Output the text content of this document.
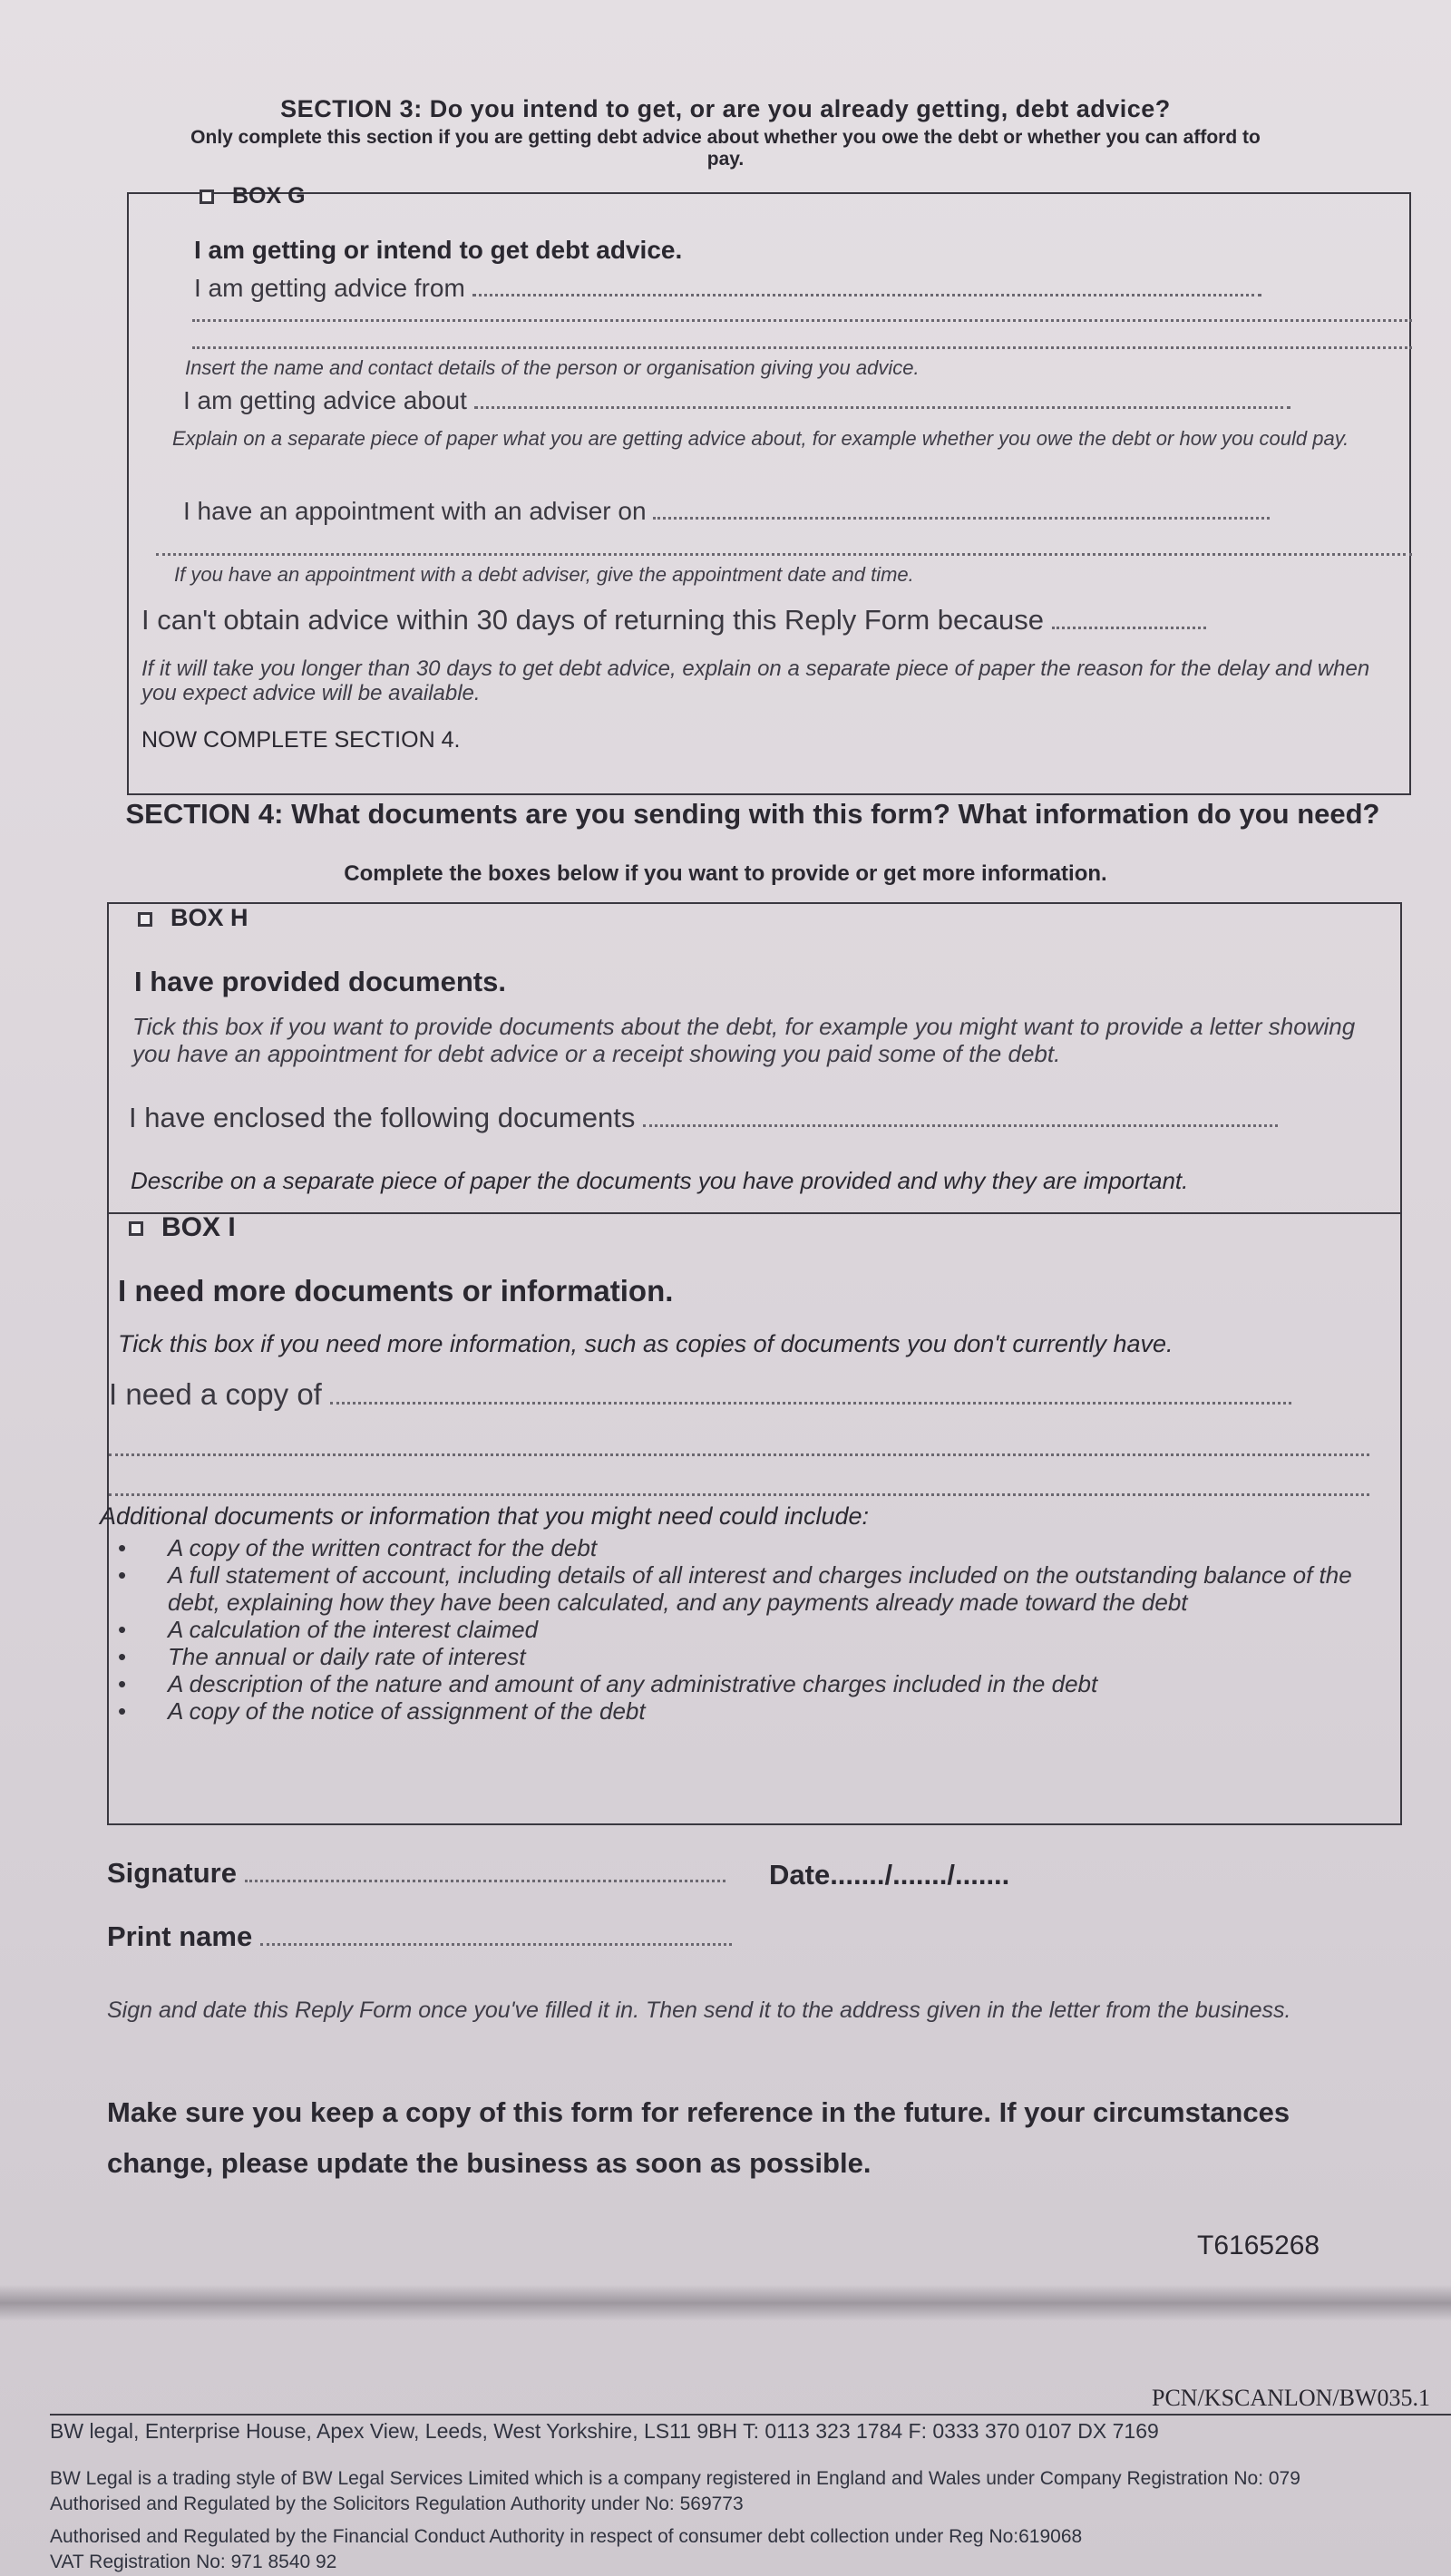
SECTION 3: Do you intend to get, or are you already getting, debt advice?
Only complete this section if you are getting debt advice about whether you owe the debt or whether you can afford to pay.
BOX G
I am getting or intend to get debt advice.
I am getting advice from
Insert the name and contact details of the person or organisation giving you advice.
I am getting advice about
Explain on a separate piece of paper what you are getting advice about, for example whether you owe the debt or how you could pay.
I have an appointment with an adviser on
If you have an appointment with a debt adviser, give the appointment date and time.
I can't obtain advice within 30 days of returning this Reply Form because
If it will take you longer than 30 days to get debt advice, explain on a separate piece of paper the reason for the delay and when you expect advice will be available.
NOW COMPLETE SECTION 4.
SECTION 4: What documents are you sending with this form? What information do you need?
Complete the boxes below if you want to provide or get more information.
BOX H
I have provided documents.
Tick this box if you want to provide documents about the debt, for example you might want to provide a letter showing you have an appointment for debt advice or a receipt showing you paid some of the debt.
I have enclosed the following documents
Describe on a separate piece of paper the documents you have provided and why they are important.
BOX I
I need more documents or information.
Tick this box if you need more information, such as copies of documents you don't currently have.
I need a copy of
Additional documents or information that you might need could include:
• A copy of the written contract for the debt
• A full statement of account, including details of all interest and charges included on the outstanding balance of the debt, explaining how they have been calculated, and any payments already made toward the debt
• A calculation of the interest claimed
• The annual or daily rate of interest
• A description of the nature and amount of any administrative charges included in the debt
• A copy of the notice of assignment of the debt
Signature	Date......./......./.......
Print name
Sign and date this Reply Form once you've filled it in. Then send it to the address given in the letter from the business.
Make sure you keep a copy of this form for reference in the future. If your circumstances change, please update the business as soon as possible.
T6165268
PCN/KSCANLON/BW035.1
BW legal, Enterprise House, Apex View, Leeds, West Yorkshire, LS11 9BH T: 0113 323 1784 F: 0333 370 0107 DX 7169
BW Legal is a trading style of BW Legal Services Limited which is a company registered in England and Wales under Company Registration No: 079
Authorised and Regulated by the Solicitors Regulation Authority under No: 569773
Authorised and Regulated by the Financial Conduct Authority in respect of consumer debt collection under Reg No:619068
VAT Registration No: 971 8540 92
